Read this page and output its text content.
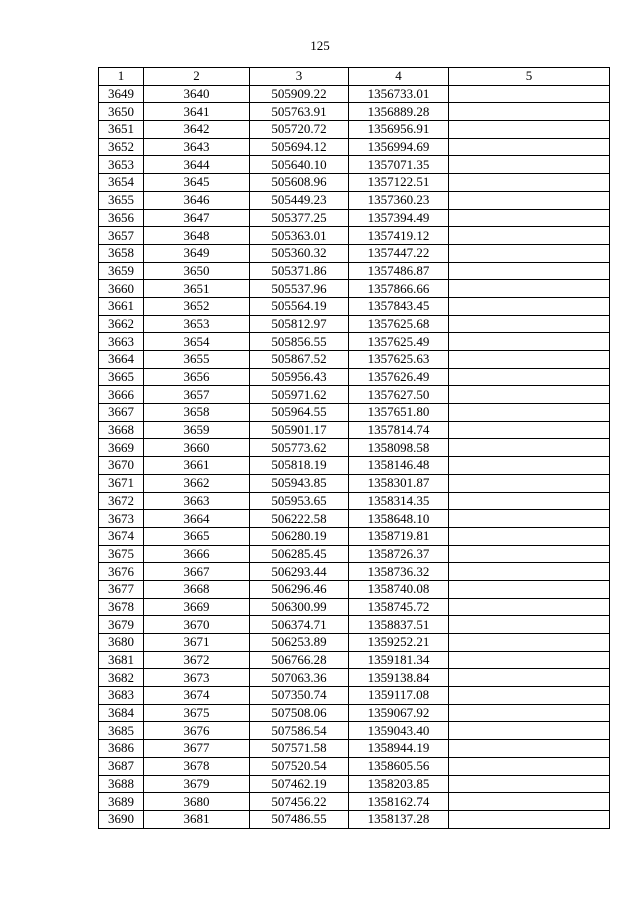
125
1	2	3	4	5
3649	3640	505909.22	1356733.01	
3650	3641	505763.91	1356889.28	
3651	3642	505720.72	1356956.91	
3652	3643	505694.12	1356994.69	
3653	3644	505640.10	1357071.35	
3654	3645	505608.96	1357122.51	
3655	3646	505449.23	1357360.23	
3656	3647	505377.25	1357394.49	
3657	3648	505363.01	1357419.12	
3658	3649	505360.32	1357447.22	
3659	3650	505371.86	1357486.87	
3660	3651	505537.96	1357866.66	
3661	3652	505564.19	1357843.45	
3662	3653	505812.97	1357625.68	
3663	3654	505856.55	1357625.49	
3664	3655	505867.52	1357625.63	
3665	3656	505956.43	1357626.49	
3666	3657	505971.62	1357627.50	
3667	3658	505964.55	1357651.80	
3668	3659	505901.17	1357814.74	
3669	3660	505773.62	1358098.58	
3670	3661	505818.19	1358146.48	
3671	3662	505943.85	1358301.87	
3672	3663	505953.65	1358314.35	
3673	3664	506222.58	1358648.10	
3674	3665	506280.19	1358719.81	
3675	3666	506285.45	1358726.37	
3676	3667	506293.44	1358736.32	
3677	3668	506296.46	1358740.08	
3678	3669	506300.99	1358745.72	
3679	3670	506374.71	1358837.51	
3680	3671	506253.89	1359252.21	
3681	3672	506766.28	1359181.34	
3682	3673	507063.36	1359138.84	
3683	3674	507350.74	1359117.08	
3684	3675	507508.06	1359067.92	
3685	3676	507586.54	1359043.40	
3686	3677	507571.58	1358944.19	
3687	3678	507520.54	1358605.56	
3688	3679	507462.19	1358203.85	
3689	3680	507456.22	1358162.74	
3690	3681	507486.55	1358137.28	
